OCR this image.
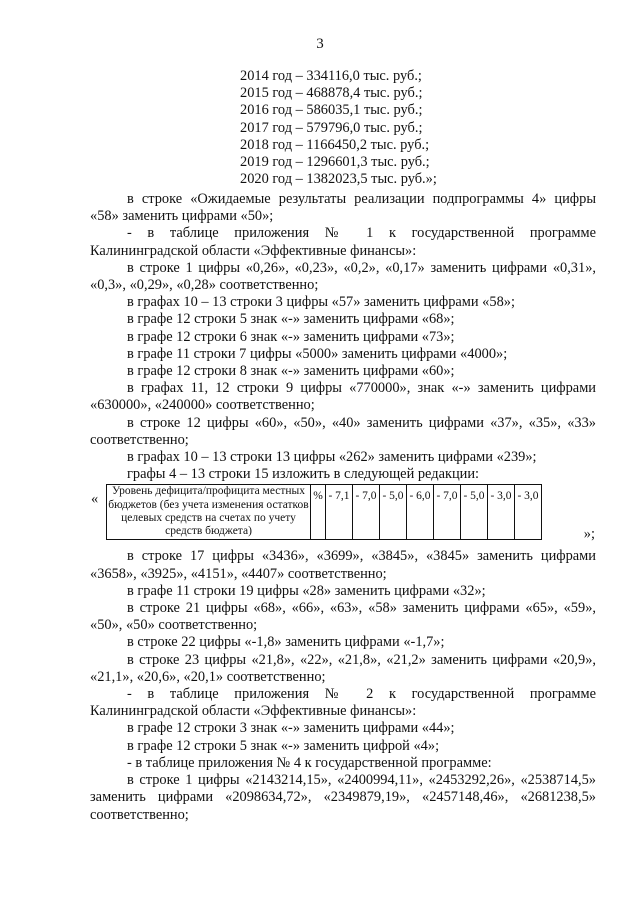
3
2014 год – 334116,0 тыс. руб.;
2015 год – 468878,4 тыс. руб.;
2016 год – 586035,1 тыс. руб.;
2017 год – 579796,0 тыс. руб.;
2018 год – 1166450,2 тыс. руб.;
2019 год – 1296601,3 тыс. руб.;
2020 год – 1382023,5 тыс. руб.»;

в строке «Ожидаемые результаты реализации подпрограммы 4» цифры

«58» заменить цифрами «50»;

- в таблице приложения № 1 к государственной программе

Калининградской области «Эффективные финансы»:

в строке 1 цифры «0,26», «0,23», «0,2», «0,17» заменить цифрами «0,31»,

«0,3», «0,29», «0,28» соответственно;

в графах 10 – 13 строки 3 цифры «57» заменить цифрами «58»;

в графе 12 строки 5 знак «-» заменить цифрами «68»;

в графе 12 строки 6 знак «-» заменить цифрами «73»;

в графе 11 строки 7 цифры «5000» заменить цифрами «4000»;

в графе 12 строки 8 знак «-» заменить цифрами «60»;

в графах 11, 12 строки 9 цифры «770000», знак «-» заменить цифрами

«630000», «240000» соответственно;

в строке 12 цифры «60», «50», «40» заменить цифрами «37», «35», «33»

соответственно;

в графах 10 – 13 строки 13 цифры «262» заменить цифрами «239»;

графы 4 – 13 строки 15 изложить в следующей редакции:

« Уровень дефицита/профицита местных бюджетов (без учета изменения остатков целевых средств на счетах по учету средств бюджета)	%	- 7,1	- 7,0	- 5,0	- 6,0	- 7,0	- 5,0	- 3,0	- 3,0
»;

в строке 17 цифры «3436», «3699», «3845», «3845» заменить цифрами

«3658», «3925», «4151», «4407» соответственно;

в графе 11 строки 19 цифры «28» заменить цифрами «32»;

в строке 21 цифры «68», «66», «63», «58» заменить цифрами «65», «59»,

«50», «50» соответственно;

в строке 22 цифры «-1,8» заменить цифрами «-1,7»;

в строке 23 цифры «21,8», «22», «21,8», «21,2» заменить цифрами «20,9»,

«21,1», «20,6», «20,1» соответственно;

- в таблице приложения № 2 к государственной программе

Калининградской области «Эффективные финансы»:

в графе 12 строки 3 знак «-» заменить цифрами «44»;

в графе 12 строки 5 знак «-» заменить цифрой «4»;

- в таблице приложения № 4 к государственной программе:

в строке 1 цифры «2143214,15», «2400994,11», «2453292,26», «2538714,5»

заменить цифрами «2098634,72», «2349879,19», «2457148,46», «2681238,5»

соответственно;
